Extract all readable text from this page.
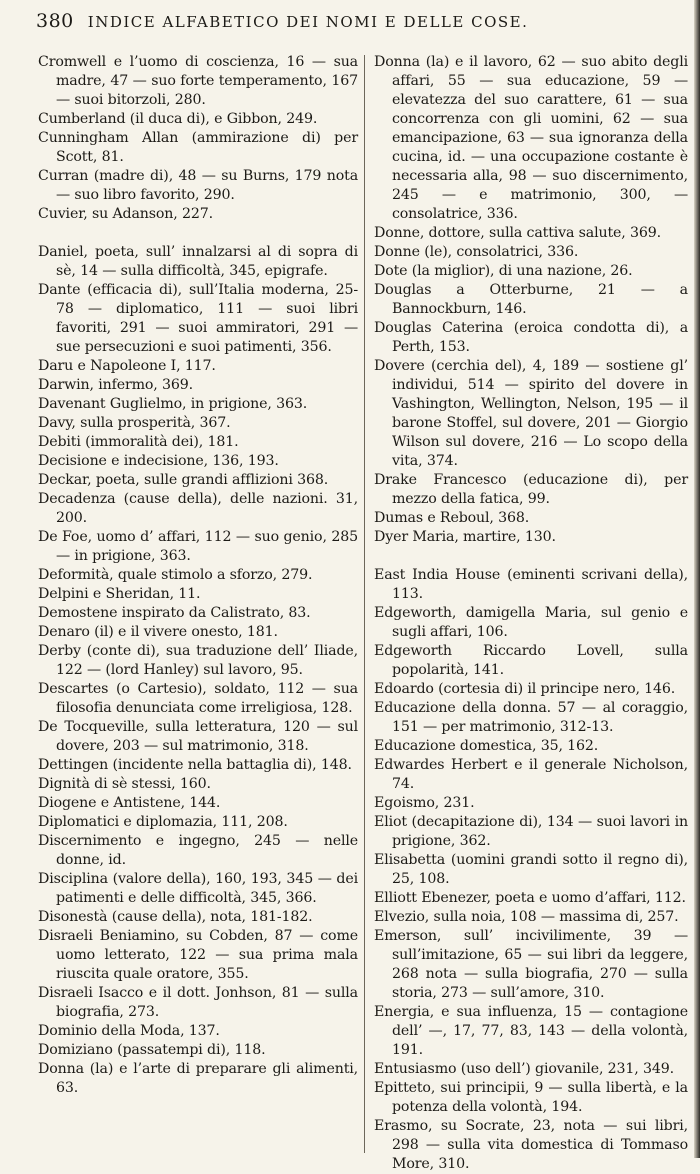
380 INDICE ALFABETICO DEI NOMI E DELLE COSE.

Cromwell e l’uomo di coscienza, 16 — sua madre, 47 — suo forte temperamento, 167 — suoi bitorzoli, 280.

Cumberland (il duca di), e Gibbon, 249.

Cunningham Allan (ammirazione di) per Scott, 81.

Curran (madre di), 48 — su Burns, 179 nota — suo libro favorito, 290.

Cuvier, su Adanson, 227.

Daniel, poeta, sull’ innalzarsi al di sopra di sè, 14 — sulla difficoltà, 345, epigrafe.

Dante (efficacia di), sull’Italia moderna, 25-78 — diplomatico, 111 — suoi libri favoriti, 291 — suoi ammiratori, 291 — sue persecuzioni e suoi patimenti, 356.

Daru e Napoleone I, 117.

Darwin, infermo, 369.

Davenant Guglielmo, in prigione, 363.

Davy, sulla prosperità, 367.

Debiti (immoralità dei), 181.

Decisione e indecisione, 136, 193.

Deckar, poeta, sulle grandi afflizioni 368.

Decadenza (cause della), delle nazioni. 31, 200.

De Foe, uomo d’ affari, 112 — suo genio, 285 — in prigione, 363.

Deformità, quale stimolo a sforzo, 279.

Delpini e Sheridan, 11.

Demostene inspirato da Calistrato, 83.

Denaro (il) e il vivere onesto, 181.

Derby (conte di), sua traduzione dell’ Iliade, 122 — (lord Hanley) sul lavoro, 95.

Descartes (o Cartesio), soldato, 112 — sua filosofia denunciata come irreligiosa, 128.

De Tocqueville, sulla letteratura, 120 — sul dovere, 203 — sul matrimonio, 318.

Dettingen (incidente nella battaglia di), 148.

Dignità di sè stessi, 160.

Diogene e Antistene, 144.

Diplomatici e diplomazia, 111, 208.

Discernimento e ingegno, 245 — nelle donne, id.

Disciplina (valore della), 160, 193, 345 — dei patimenti e delle difficoltà, 345, 366.

Disonestà (cause della), nota, 181-182.

Disraeli Beniamino, su Cobden, 87 — come uomo letterato, 122 — sua prima mala riuscita quale oratore, 355.

Disraeli Isacco e il dott. Jonhson, 81 — sulla biografia, 273.

Dominio della Moda, 137.

Domiziano (passatempi di), 118.

Donna (la) e l’arte di preparare gli alimenti, 63.

Donna (la) e il lavoro, 62 — suo abito degli affari, 55 — sua educazione, 59 — elevatezza del suo carattere, 61 — sua concorrenza con gli uomini, 62 — sua emancipazione, 63 — sua ignoranza della cucina, id. — una occupazione costante è necessaria alla, 98 — suo discernimento, 245 — e matrimonio, 300, — consolatrice, 336.

Donne, dottore, sulla cattiva salute, 369.

Donne (le), consolatrici, 336.

Dote (la miglior), di una nazione, 26.

Douglas a Otterburne, 21 — a Bannockburn, 146.

Douglas Caterina (eroica condotta di), a Perth, 153.

Dovere (cerchia del), 4, 189 — sostiene gl’ individui, 514 — spirito del dovere in Vashington, Wellington, Nelson, 195 — il barone Stoffel, sul dovere, 201 — Giorgio Wilson sul dovere, 216 — Lo scopo della vita, 374.

Drake Francesco (educazione di), per mezzo della fatica, 99.

Dumas e Reboul, 368.

Dyer Maria, martire, 130.

East India House (eminenti scrivani della), 113.

Edgeworth, damigella Maria, sul genio e sugli affari, 106.

Edgeworth Riccardo Lovell, sulla popolarità, 141.

Edoardo (cortesia di) il principe nero, 146.

Educazione della donna. 57 — al coraggio, 151 — per matrimonio, 312-13.

Educazione domestica, 35, 162.

Edwardes Herbert e il generale Nicholson, 74.

Egoismo, 231.

Eliot (decapitazione di), 134 — suoi lavori in prigione, 362.

Elisabetta (uomini grandi sotto il regno di), 25, 108.

Elliott Ebenezer, poeta e uomo d’affari, 112.

Elvezio, sulla noia, 108 — massima di, 257.

Emerson, sull’ incivilimente, 39 — sull’imitazione, 65 — sui libri da leggere, 268 nota — sulla biografia, 270 — sulla storia, 273 — sull’amore, 310.

Energia, e sua influenza, 15 — contagione dell’ —, 17, 77, 83, 143 — della volontà, 191.

Entusiasmo (uso dell’) giovanile, 231, 349.

Epitteto, sui principii, 9 — sulla libertà, e la potenza della volontà, 194.

Erasmo, su Socrate, 23, nota — sui libri, 298 — sulla vita domestica di Tommaso More, 310.
